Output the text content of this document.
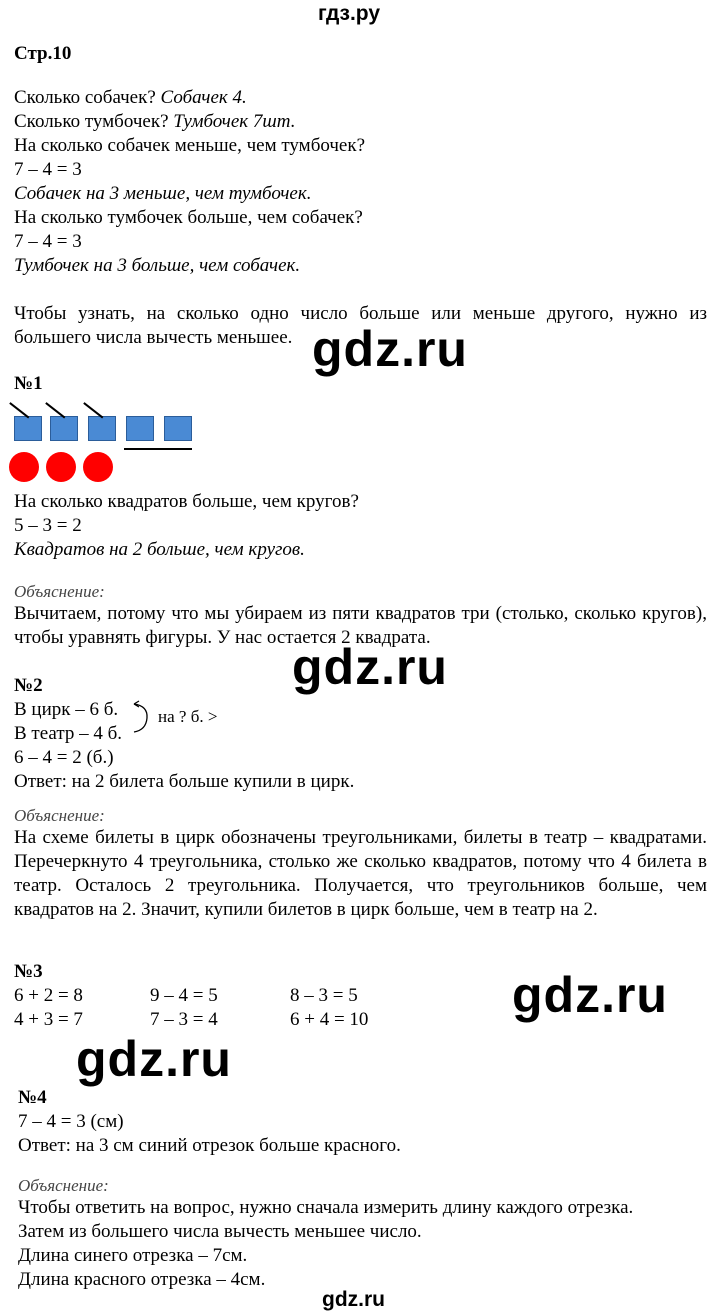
гдз.ру
Стр.10
Сколько собачек? Собачек 4.
Сколько тумбочек? Тумбочек 7шт.
На сколько собачек меньше, чем тумбочек?
7 – 4 = 3
Собачек на 3 меньше, чем тумбочек.
На сколько тумбочек больше, чем собачек?
7 – 4 = 3
Тумбочек на 3 больше, чем собачек.
Чтобы узнать, на сколько одно число больше или меньше другого, нужно из большего числа вычесть меньшее. gdz.ru
№1
На сколько квадратов больше, чем кругов?
5 – 3 = 2
Квадратов на 2 больше, чем кругов.
Объяснение:
Вычитаем, потому что мы убираем из пяти квадратов три (столько, сколько кругов), чтобы уравнять фигуры. У нас остается 2 квадрата.
gdz.ru
№2
В цирк – 6 б.
В театр – 4 б.
на ? б. >
6 – 4 = 2 (б.)
Ответ: на 2 билета больше купили в цирк.
Объяснение:
На схеме билеты в цирк обозначены треугольниками, билеты в театр – квадратами. Перечеркнуто 4 треугольника, столько же сколько квадратов, потому что 4 билета в театр. Осталось 2 треугольника. Получается, что треугольников больше, чем квадратов на 2. Значит, купили билетов в цирк больше, чем в театр на 2.
№3
6 + 2 = 8	9 – 4 = 5	8 – 3 = 5
4 + 3 = 7	7 – 3 = 4	6 + 4 = 10	gdz.ru
gdz.ru
№4
7 – 4 = 3 (см)
Ответ: на 3 см синий отрезок больше красного.
Объяснение:
Чтобы ответить на вопрос, нужно сначала измерить длину каждого отрезка.
Затем из большего числа вычесть меньшее число.
Длина синего отрезка – 7см.
Длина красного отрезка – 4см.
gdz.ru
